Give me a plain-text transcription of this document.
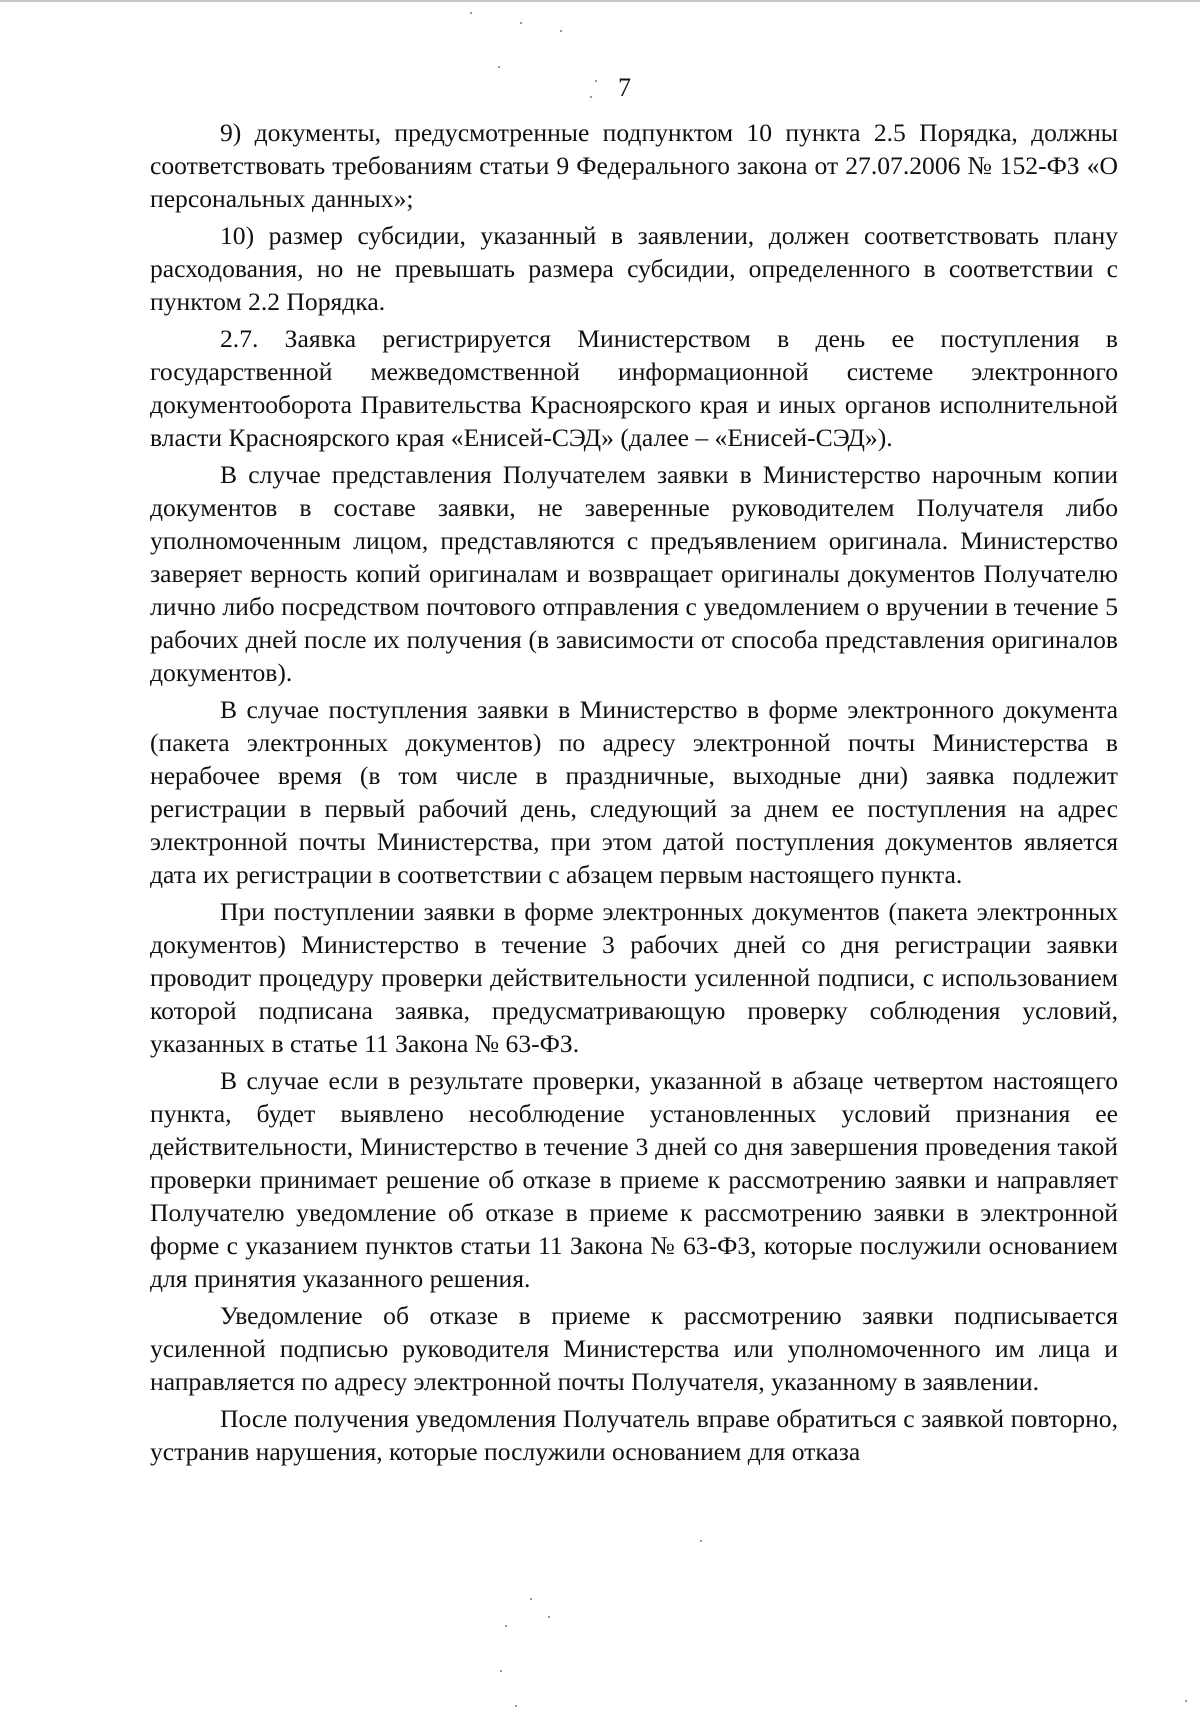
7

9) документы, предусмотренные подпунктом 10 пункта 2.5 Порядка, должны соответствовать требованиям статьи 9 Федерального закона от 27.07.2006 № 152-ФЗ «О персональных данных»;

10) размер субсидии, указанный в заявлении, должен соответствовать плану расходования, но не превышать размера субсидии, определенного в соответствии с пунктом 2.2 Порядка.

2.7. Заявка регистрируется Министерством в день ее поступления в государственной межведомственной информационной системе электронного документооборота Правительства Красноярского края и иных органов исполнительной власти Красноярского края «Енисей-СЭД» (далее – «Енисей-СЭД»).

В случае представления Получателем заявки в Министерство нарочным копии документов в составе заявки, не заверенные руководителем Получателя либо уполномоченным лицом, представляются с предъявлением оригинала. Министерство заверяет верность копий оригиналам и возвращает оригиналы документов Получателю лично либо посредством почтового отправления с уведомлением о вручении в течение 5 рабочих дней после их получения (в зависимости от способа представления оригиналов документов).

В случае поступления заявки в Министерство в форме электронного документа (пакета электронных документов) по адресу электронной почты Министерства в нерабочее время (в том числе в праздничные, выходные дни) заявка подлежит регистрации в первый рабочий день, следующий за днем ее поступления на адрес электронной почты Министерства, при этом датой поступления документов является дата их регистрации в соответствии с абзацем первым настоящего пункта.

При поступлении заявки в форме электронных документов (пакета электронных документов) Министерство в течение 3 рабочих дней со дня регистрации заявки проводит процедуру проверки действительности усиленной подписи, с использованием которой подписана заявка, предусматривающую проверку соблюдения условий, указанных в статье 11 Закона № 63-ФЗ.

В случае если в результате проверки, указанной в абзаце четвертом настоящего пункта, будет выявлено несоблюдение установленных условий признания ее действительности, Министерство в течение 3 дней со дня завершения проведения такой проверки принимает решение об отказе в приеме к рассмотрению заявки и направляет Получателю уведомление об отказе в приеме к рассмотрению заявки в электронной форме с указанием пунктов статьи 11 Закона № 63-ФЗ, которые послужили основанием для принятия указанного решения.

Уведомление об отказе в приеме к рассмотрению заявки подписывается усиленной подписью руководителя Министерства или уполномоченного им лица и направляется по адресу электронной почты Получателя, указанному в заявлении.

После получения уведомления Получатель вправе обратиться с заявкой повторно, устранив нарушения, которые послужили основанием для отказа
